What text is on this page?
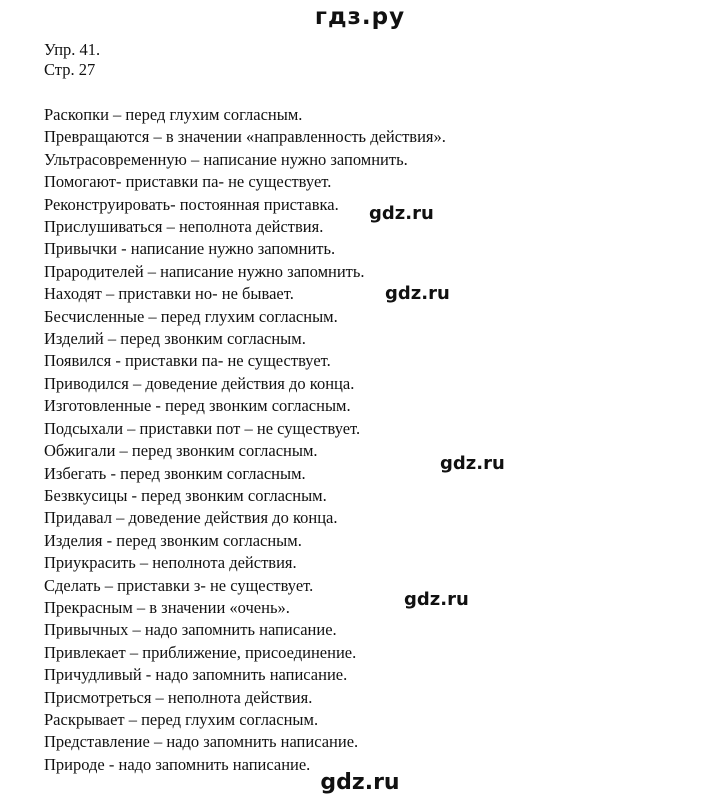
гдз.ру
Упр. 41.
Стр. 27
Раскопки – перед глухим согласным.
Превращаются – в значении «направленность действия».
Ультрасовременную – написание нужно запомнить.
Помогают- приставки па- не существует.
Реконструировать- постоянная приставка.
Прислушиваться – неполнота действия.
Привычки - написание нужно запомнить.
Прародителей – написание нужно запомнить.
Находят – приставки но- не бывает.
Бесчисленные – перед глухим согласным.
Изделий – перед звонким согласным.
Появился - приставки па- не существует.
Приводился – доведение действия до конца.
Изготовленные - перед звонким согласным.
Подсыхали – приставки пот – не существует.
Обжигали – перед звонким согласным.
Избегать - перед звонким согласным.
Безвкусицы - перед звонким согласным.
Придавал – доведение действия до конца.
Изделия - перед звонким согласным.
Приукрасить – неполнота действия.
Сделать – приставки з- не существует.
Прекрасным – в значении «очень».
Привычных – надо запомнить написание.
Привлекает – приближение, присоединение.
Причудливый - надо запомнить написание.
Присмотреться – неполнота действия.
Раскрывает – перед глухим согласным.
Представление – надо запомнить написание.
Природе - надо запомнить написание.
gdz.ru
gdz.ru
gdz.ru
gdz.ru
gdz.ru
